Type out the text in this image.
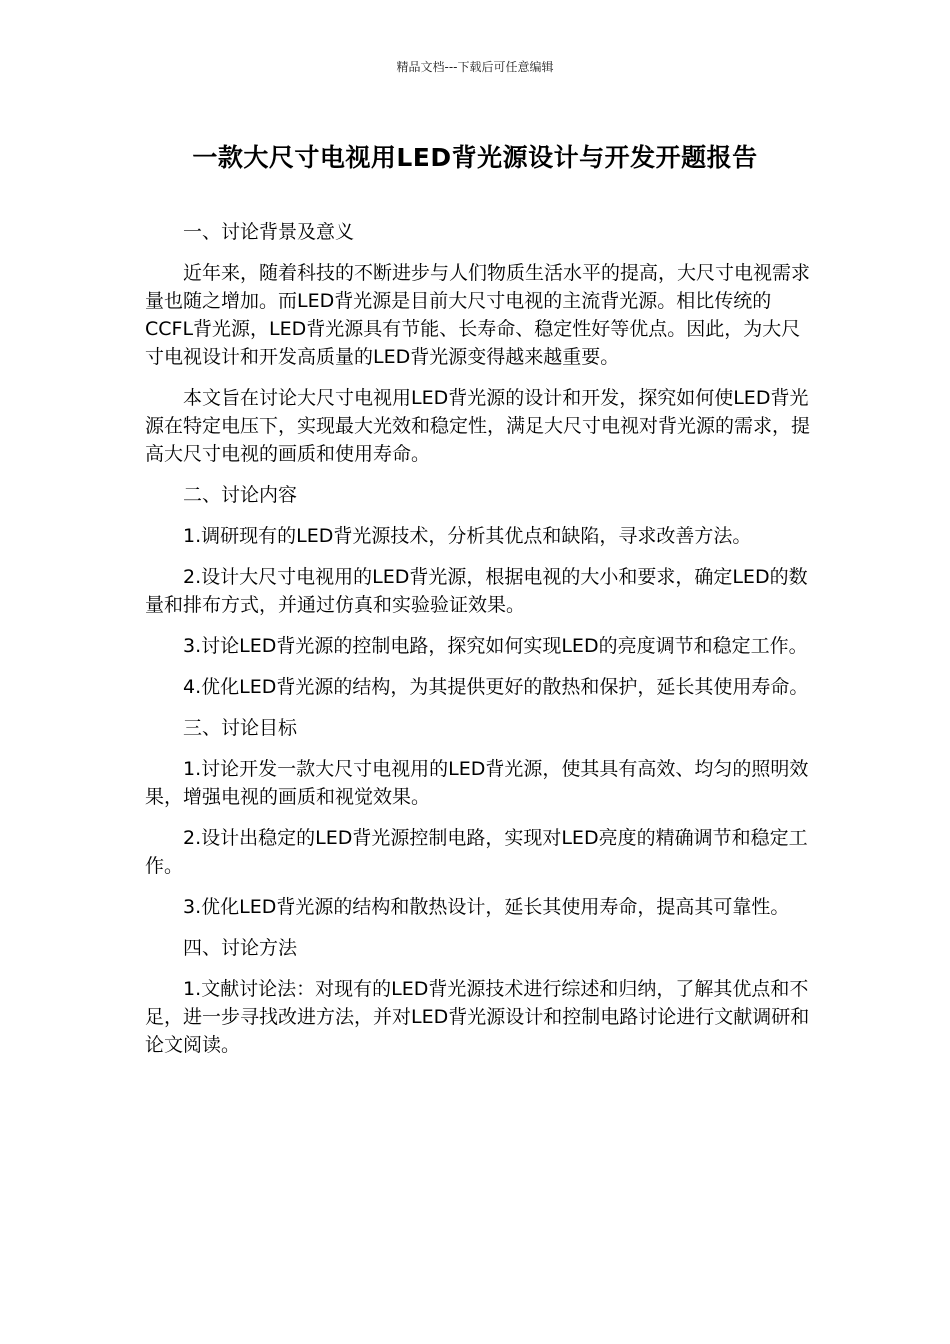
精品文档---下载后可任意编辑
一款大尺寸电视用LED背光源设计与开发开题报告

一、讨论背景及意义

近年来，随着科技的不断进步与人们物质生活水平的提高，大尺寸电视需求量也随之增加。而LED背光源是目前大尺寸电视的主流背光源。相比传统的CCFL背光源，LED背光源具有节能、长寿命、稳定性好等优点。因此，为大尺寸电视设计和开发高质量的LED背光源变得越来越重要。

本文旨在讨论大尺寸电视用LED背光源的设计和开发，探究如何使LED背光源在特定电压下，实现最大光效和稳定性，满足大尺寸电视对背光源的需求，提高大尺寸电视的画质和使用寿命。

二、讨论内容

1.调研现有的LED背光源技术，分析其优点和缺陷，寻求改善方法。

2.设计大尺寸电视用的LED背光源，根据电视的大小和要求，确定LED的数量和排布方式，并通过仿真和实验验证效果。

3.讨论LED背光源的控制电路，探究如何实现LED的亮度调节和稳定工作。

4.优化LED背光源的结构，为其提供更好的散热和保护，延长其使用寿命。

三、讨论目标

1.讨论开发一款大尺寸电视用的LED背光源，使其具有高效、均匀的照明效果，增强电视的画质和视觉效果。

2.设计出稳定的LED背光源控制电路，实现对LED亮度的精确调节和稳定工作。

3.优化LED背光源的结构和散热设计，延长其使用寿命，提高其可靠性。

四、讨论方法

1.文献讨论法：对现有的LED背光源技术进行综述和归纳，了解其优点和不足，进一步寻找改进方法，并对LED背光源设计和控制电路讨论进行文献调研和论文阅读。
